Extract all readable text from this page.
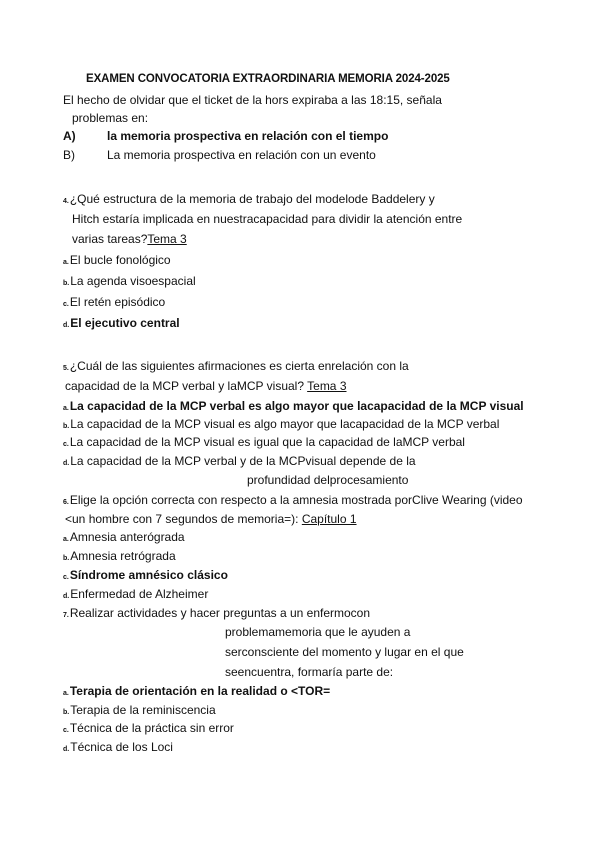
EXAMEN CONVOCATORIA EXTRAORDINARIA MEMORIA 2024-2025
El hecho de olvidar que el ticket de la hors expiraba a las 18:15, señala
problemas en:
A)	la memoria prospectiva en relación con el tiempo
B)	La memoria prospectiva en relación con un evento
4.¿Qué estructura de la memoria de trabajo del modelode Baddelery y
Hitch estaría implicada en nuestracapacidad para dividir la atención entre
varias tareas?Tema 3
a.El bucle fonológico
b.La agenda visoespacial
c.El retén episódico
d.El ejecutivo central
5.¿Cuál de las siguientes afirmaciones es cierta enrelación con la
capacidad de la MCP verbal y laMCP visual? Tema 3
a.La capacidad de la MCP verbal es algo mayor que lacapacidad de la MCP visual
b.La capacidad de la MCP visual es algo mayor que lacapacidad de la MCP verbal
c.La capacidad de la MCP visual es igual que la capacidad de laMCP verbal
d.La capacidad de la MCP verbal y de la MCPvisual depende de la
profundidad delprocesamiento
6.Elige la opción correcta con respecto a la amnesia mostrada porClive Wearing (video
<un hombre con 7 segundos de memoria=): Capítulo 1
a.Amnesia anterógrada
b.Amnesia retrógrada
c.Síndrome amnésico clásico
d.Enfermedad de Alzheimer
7.Realizar actividades y hacer preguntas a un enfermocon
problemamemoria que le ayuden a
serconsciente del momento y lugar en el que
seencuentra, formaría parte de:
a.Terapia de orientación en la realidad o <TOR=
b.Terapia de la reminiscencia
c.Técnica de la práctica sin error
d.Técnica de los Loci
